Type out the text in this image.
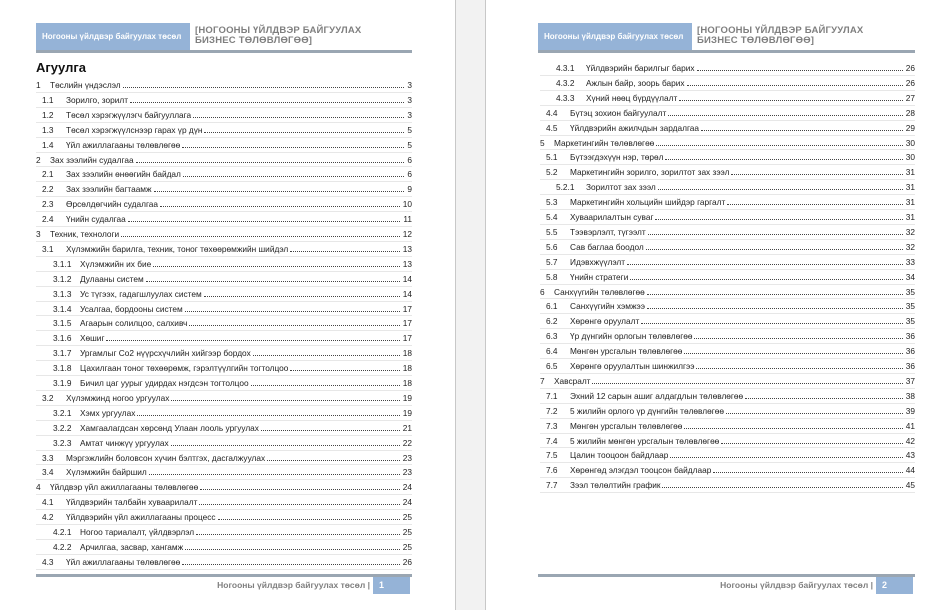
Ногооны үйлдвэр байгуулах төсөл
[НОГООНЫ ҮЙЛДВЭР БАЙГУУЛАХ БИЗНЕС ТӨЛӨВЛӨГӨӨ]
Агуулга
1 Төслийн үндэслэл	3
1.1 Зорилго, зорилт	3
1.2 Төсөл хэрэгжүүлэгч байгууллага	3
1.3 Төсөл хэрэгжүүлснээр гарах үр дүн	5
1.4 Үйл ажиллагааны төлөвлөгөө	5
2 Зах зээлийн судалгаа	6
2.1 Зах зээлийн өнөөгийн байдал	6
2.2 Зах зээлийн багтаамж	9
2.3 Өрсөлдөгчийн судалгаа	10
2.4 Үнийн судалгаа	11
3 Техник, технологи	12
3.1 Хүлэмжийн барилга, техник, тоног төхөөрөмжийн шийдэл	13
3.1.1 Хүлэмжийн их бие	13
3.1.2 Дулааны систем	14
3.1.3 Ус түгээх, гадагшлуулах систем	14
3.1.4 Усалгаа, бордооны систем	17
3.1.5 Агаарын солилцоо, салхивч	17
3.1.6 Хөшиг	17
3.1.7 Ургамлыг Co2 нүүрсхүчлийн хийгээр бордох	18
3.1.8 Цахилгаан тоног төхөөрөмж, гэрэлтүүлгийн тогтолцоо	18
3.1.9 Бичил цаг уурыг удирдах нэгдсэн тогтолцоо	18
3.2 Хүлэмжинд ногоо ургуулах	19
3.2.1 Хэмх ургуулах	19
3.2.2 Хамгаалагдсан хөрсөнд Улаан лооль ургуулах	21
3.2.3 Амтат чинжүү ургуулах	22
3.3 Мэргэжлийн боловсон хүчин бэлтгэх, дасгалжуулах	23
3.4 Хүлэмжийн байршил	23
4 Үйлдвэр үйл ажиллагааны төлөвлөгөө	24
4.1 Үйлдвэрийн талбайн хуваарилалт	24
4.2 Үйлдвэрийн үйл ажиллагааны процесс	25
4.2.1 Ногоо тариалалт, үйлдвэрлэл	25
4.2.2 Арчилгаа, засвар, хангамж	25
4.3 Үйл ажиллагааны төлөвлөгөө	26
Ногооны үйлдвэр байгуулах төсөл |	1
Ногооны үйлдвэр байгуулах төсөл
[НОГООНЫ ҮЙЛДВЭР БАЙГУУЛАХ БИЗНЕС ТӨЛӨВЛӨГӨӨ]
4.3.1 Үйлдвэрийн барилгыг барих	26
4.3.2 Ажлын байр, зоорь барих	26
4.3.3 Хүний нөөц бүрдүүлалт	27
4.4 Бүтэц зохион байгуулалт	28
4.5 Үйлдвэрийн ажилчдын зардалгаа	29
5 Маркетингийн төлөвлөгөө	30
5.1 Бүтээгдэхүүн нэр, төрөл	30
5.2 Маркетингийн зорилго, зорилтот зах зээл	31
5.2.1 Зорилтот зах зээл	31
5.3 Маркетингийн хольцийн шийдэр гаргалт	31
5.4 Хуваарилалтын суваг	31
5.5 Тээвэрлэлт, түгээлт	32
5.6 Сав баглаа боодол	32
5.7 Идэвхжүүлэлт	33
5.8 Үнийн стратеги	34
6 Санхүүгийн төлөвлөгөө	35
6.1 Санхүүгийн хэмжээ	35
6.2 Хөрөнгө оруулалт	35
6.3 Үр дүнгийн орлогын төлөвлөгөө	36
6.4 Мөнгөн урсгалын төлөвлөгөө	36
6.5 Хөрөнгө оруулалтын шинжилгээ	36
7 Хавсралт	37
7.1 Эхний 12 сарын ашиг алдагдлын төлөвлөгөө	38
7.2 5 жилийн орлого үр дүнгийн төлөвлөгөө	39
7.3 Мөнгөн урсгалын төлөвлөгөө	41
7.4 5 жилийн мөнгөн урсгалын төлөвлөгөө	42
7.5 Цалин тооцоон байдлаар	43
7.6 Хөрөнгөд элэгдэл тооцсон байдлаар	44
7.7 Зээл төлөлтийн график	45
Ногооны үйлдвэр байгуулах төсөл |	2
